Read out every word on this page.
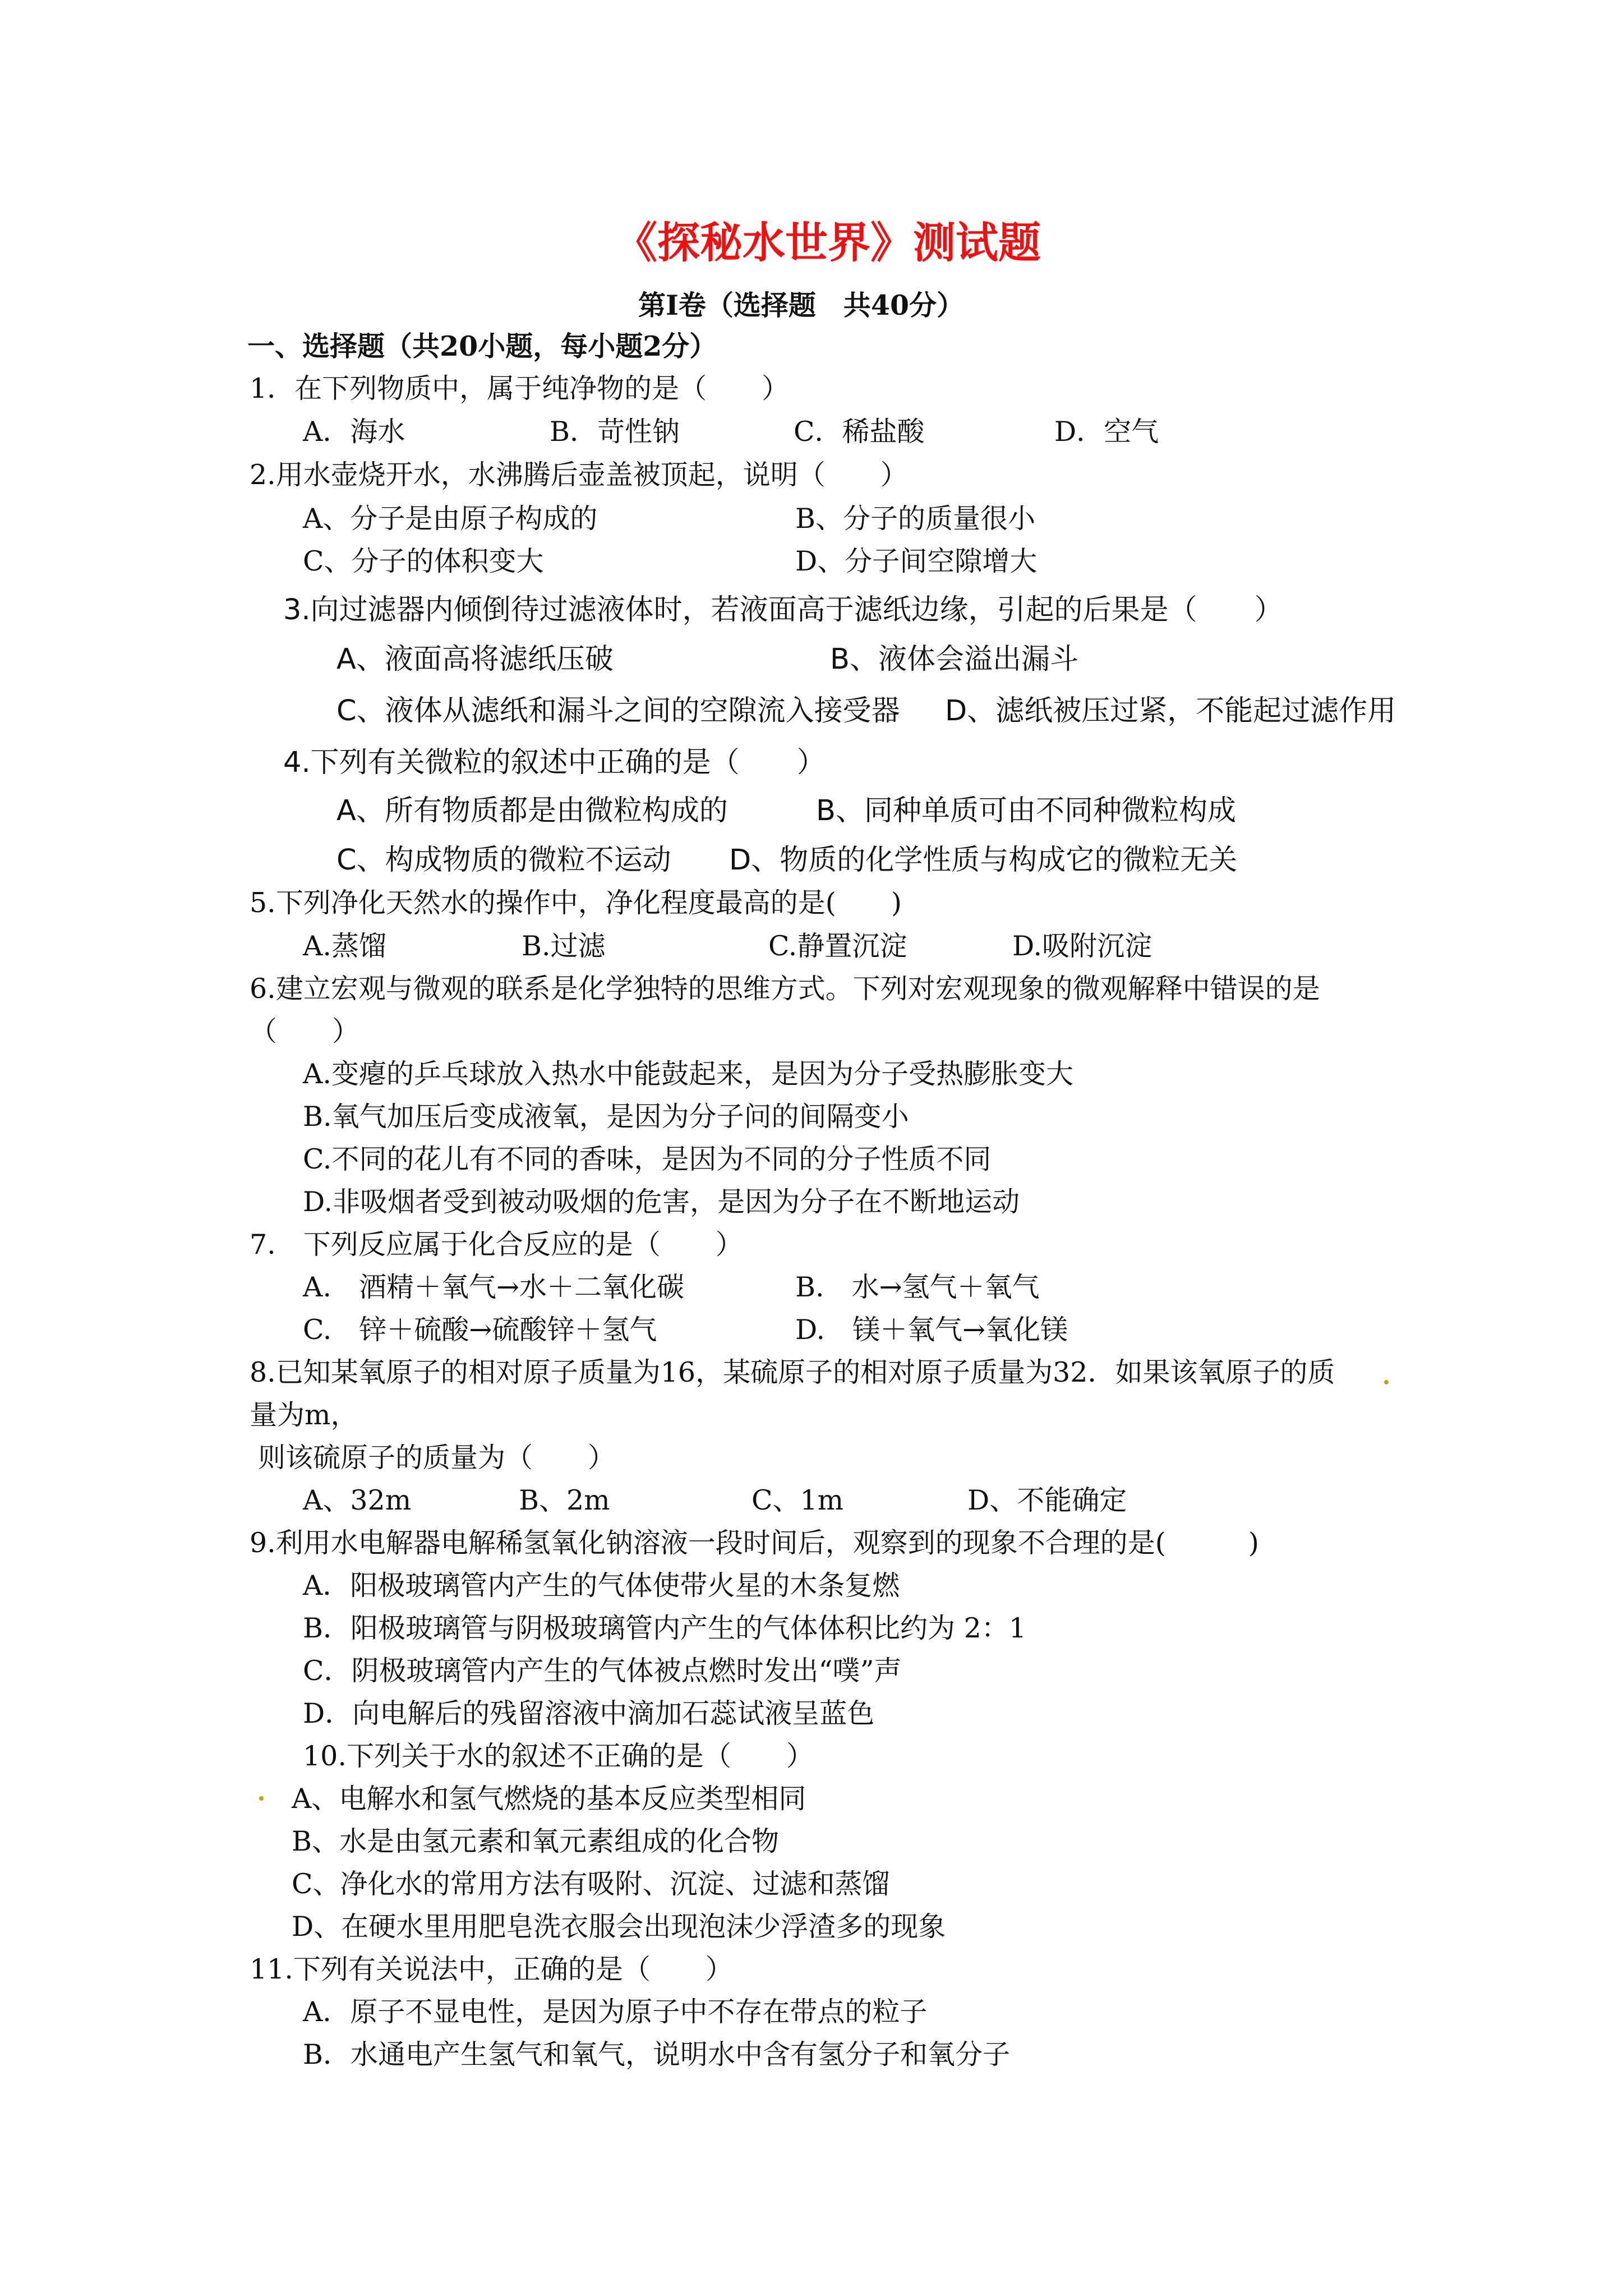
《探秘水世界》测试题
第Ⅰ卷（选择题　共40分）
一、选择题（共20小题，每小题2分）
1．在下列物质中，属于纯净物的是（　　）
A．海水	B．苛性钠	C．稀盐酸	D．空气
2.用水壶烧开水，水沸腾后壶盖被顶起，说明（　　）
A、分子是由原子构成的	B、分子的质量很小
C、分子的体积变大	D、分子间空隙增大
3.向过滤器内倾倒待过滤液体时，若液面高于滤纸边缘，引起的后果是（　　）
A、液面高将滤纸压破	B、液体会溢出漏斗
C、液体从滤纸和漏斗之间的空隙流入接受器 D、滤纸被压过紧，不能起过滤作用
4.下列有关微粒的叙述中正确的是（　　）
A、所有物质都是由微粒构成的	B、同种单质可由不同种微粒构成
C、构成物质的微粒不运动 D、物质的化学性质与构成它的微粒无关
5.下列净化天然水的操作中，净化程度最高的是(　　)
A.蒸馏	B.过滤	C.静置沉淀	D.吸附沉淀
6.建立宏观与微观的联系是化学独特的思维方式。下列对宏观现象的微观解释中错误的是
（　　）
A.变瘪的乒乓球放入热水中能鼓起来，是因为分子受热膨胀变大
B.氧气加压后变成液氧，是因为分子问的间隔变小
C.不同的花儿有不同的香味，是因为不同的分子性质不同
D.非吸烟者受到被动吸烟的危害，是因为分子在不断地运动
7.　下列反应属于化合反应的是（　　）
A.　酒精＋氧气→水＋二氧化碳	B.　水→氢气＋氧气
C.　锌＋硫酸→硫酸锌＋氢气	D.　镁＋氧气→氧化镁
8.已知某氧原子的相对原子质量为16，某硫原子的相对原子质量为32．如果该氧原子的质
量为m，
则该硫原子的质量为（　　）
A、32m	B、2m	C、1m	D、不能确定
9.利用水电解器电解稀氢氧化钠溶液一段时间后，观察到的现象不合理的是(　　　)
A．阳极玻璃管内产生的气体使带火星的木条复燃
B．阳极玻璃管与阴极玻璃管内产生的气体体积比约为 2：1
C．阴极玻璃管内产生的气体被点燃时发出“噗”声
D．向电解后的残留溶液中滴加石蕊试液呈蓝色
10.下列关于水的叙述不正确的是（　　）
A、电解水和氢气燃烧的基本反应类型相同
B、水是由氢元素和氧元素组成的化合物
C、净化水的常用方法有吸附、沉淀、过滤和蒸馏
D、在硬水里用肥皂洗衣服会出现泡沫少浮渣多的现象
11.下列有关说法中，正确的是（　　）
A．原子不显电性，是因为原子中不存在带点的粒子
B．水通电产生氢气和氧气，说明水中含有氢分子和氧分子
